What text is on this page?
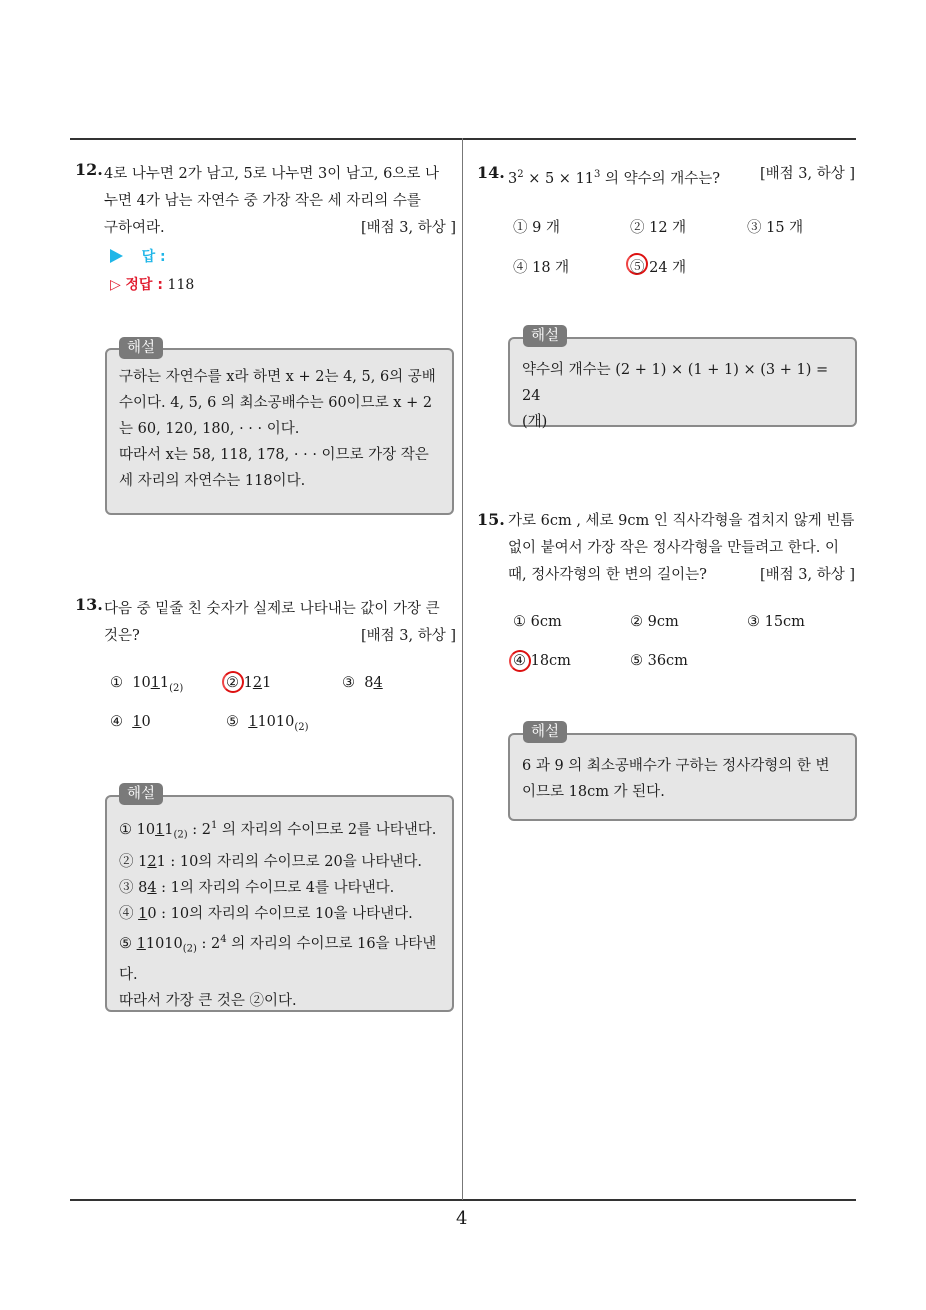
4
12. 4로 나누면 2가 남고, 5로 나누면 3이 남고, 6으로 나
누면 4가 남는 자연수 중 가장 작은 세 자리의 수를
구하여라.	[배점 3, 하상 ]
답 :
▷ 정답 : 118
구하는 자연수를 x라 하면 x + 2는 4, 5, 6의 공배
수이다. 4, 5, 6 의 최소공배수는 60이므로 x + 2
는 60, 120, 180, · · · 이다.
따라서 x는 58, 118, 178, · · · 이므로 가장 작은
세 자리의 자연수는 118이다.
해설
13. 다음 중 밑줄 친 숫자가 실제로 나타내는 값이 가장 큰
것은?	[배점 3, 하상 ]
①  $1011_{(2)}$	② 121	③  84
④ 10	⑤ $11010_{(2)}$
① $1011_{(2)}$ : $2^1$ 의 자리의 수이므로 2를 나타낸다.
② 121 : 10의 자리의 수이므로 20을 나타낸다.
③ 84 : 1의 자리의 수이므로 4를 나타낸다.
④ 10 : 10의 자리의 수이므로 10을 나타낸다.
⑤ $11010_{(2)}$ : $2^4$ 의 자리의 수이므로 16을 나타낸
다.
따라서 가장 큰 것은 ②이다.
해설
14. $3^2 \times 5 \times 11^3$ 의 약수의 개수는?	[배점 3, 하상 ]
① 9 개	② 12 개	③ 15 개
④ 18 개	⑤ 24 개
약수의 개수는 (2 + 1) × (1 + 1) × (3 + 1) = 24
(개)
해설
15. 가로 6cm , 세로 9cm 인 직사각형을 겹치지 않게 빈틈
없이 붙여서 가장 작은 정사각형을 만들려고 한다. 이
때, 정사각형의 한 변의 길이는?	[배점 3, 하상 ]
① 6cm	② 9cm	③ 15cm
④ 18cm	⑤ 36cm
6 과 9 의 최소공배수가 구하는 정사각형의 한 변
이므로 18cm 가 된다.
해설
